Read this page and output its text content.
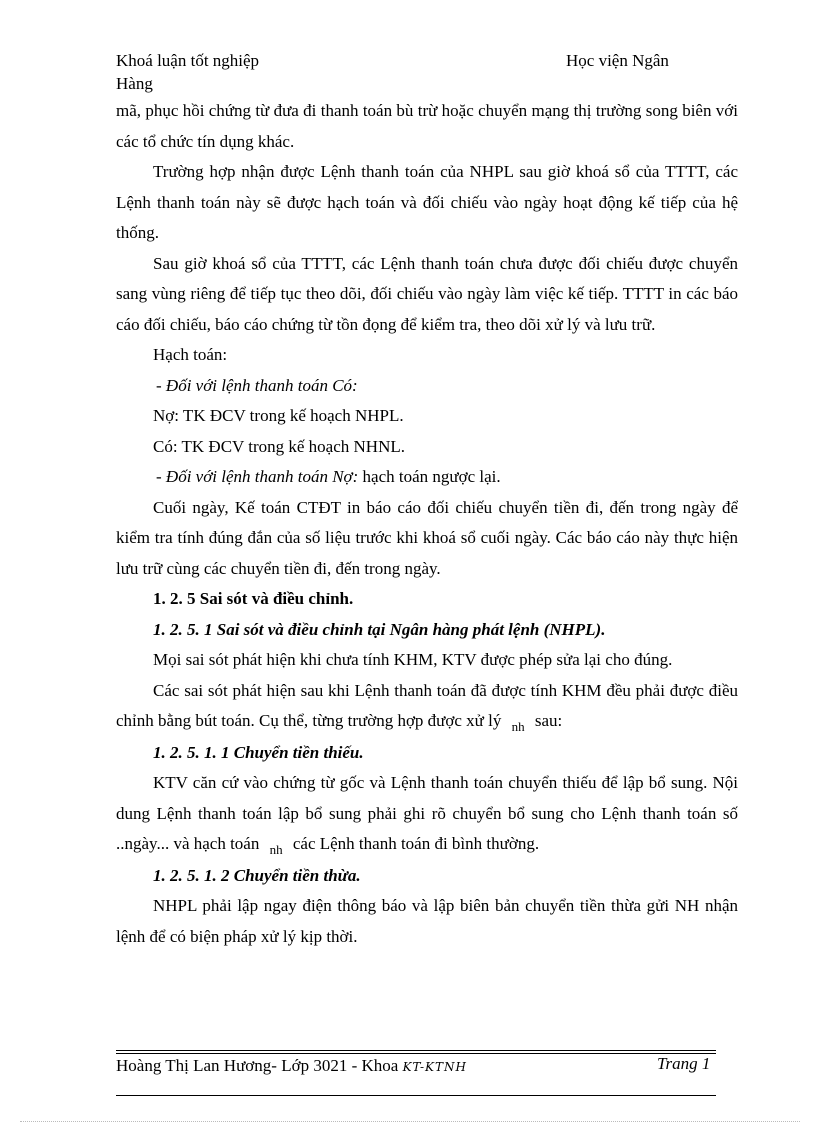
Khoá luận tốt nghiệp	Học viện Ngân
Hàng

mã, phục hồi chứng từ đưa đi thanh toán bù trừ hoặc chuyển mạng thị trường song biên với các tổ chức tín dụng khác.

Trường hợp nhận được Lệnh thanh toán của NHPL sau giờ khoá sổ của TTTT, các Lệnh thanh toán này sẽ được hạch toán và đối chiếu vào ngày hoạt động kế tiếp của hệ thống.

Sau giờ khoá sổ của TTTT, các Lệnh thanh toán chưa được đối chiếu được chuyển sang vùng riêng để tiếp tục theo dõi, đối chiếu vào ngày làm việc kế tiếp. TTTT in các báo cáo đối chiếu, báo cáo chứng từ tồn đọng để kiểm tra, theo dõi xử lý và lưu trữ.

Hạch toán:

- Đối với lệnh thanh toán Có:

Nợ: TK ĐCV trong kế hoạch NHPL.

Có: TK ĐCV trong kế hoạch NHNL.

- Đối với lệnh thanh toán Nợ: hạch toán ngược lại.

Cuối ngày, Kế toán CTĐT in báo cáo đối chiếu chuyển tiền đi, đến trong ngày để kiểm tra tính đúng đắn của số liệu trước khi khoá sổ cuối ngày. Các báo cáo này thực hiện lưu trữ cùng các chuyển tiền đi, đến trong ngày.

1. 2. 5 Sai sót và điều chỉnh.

1. 2. 5. 1 Sai sót và điều chỉnh tại Ngân hàng phát lệnh (NHPL).

Mọi sai sót phát hiện khi chưa tính KHM, KTV được phép sửa lại cho đúng.

Các sai sót phát hiện sau khi Lệnh thanh toán đã được tính KHM đều phải được điều chỉnh bằng bút toán. Cụ thể, từng trường hợp được xử lý $_{nh}$ sau:

1. 2. 5. 1. 1 Chuyển tiền thiếu.

KTV căn cứ vào chứng từ gốc và Lệnh thanh toán chuyển thiếu để lập bổ sung. Nội dung Lệnh thanh toán lập bổ sung phải ghi rõ chuyển bổ sung cho Lệnh thanh toán số ..ngày... và hạch toán $_{nh}$ các Lệnh thanh toán đi bình thường.

1. 2. 5. 1. 2 Chuyển tiền thừa.

NHPL phải lập ngay điện thông báo và lập biên bản chuyển tiền thừa gửi NH nhận lệnh để có biện pháp xử lý kịp thời.

Hoàng Thị Lan Hương- Lớp 3021 - Khoa KT-KTNH	Trang 1
